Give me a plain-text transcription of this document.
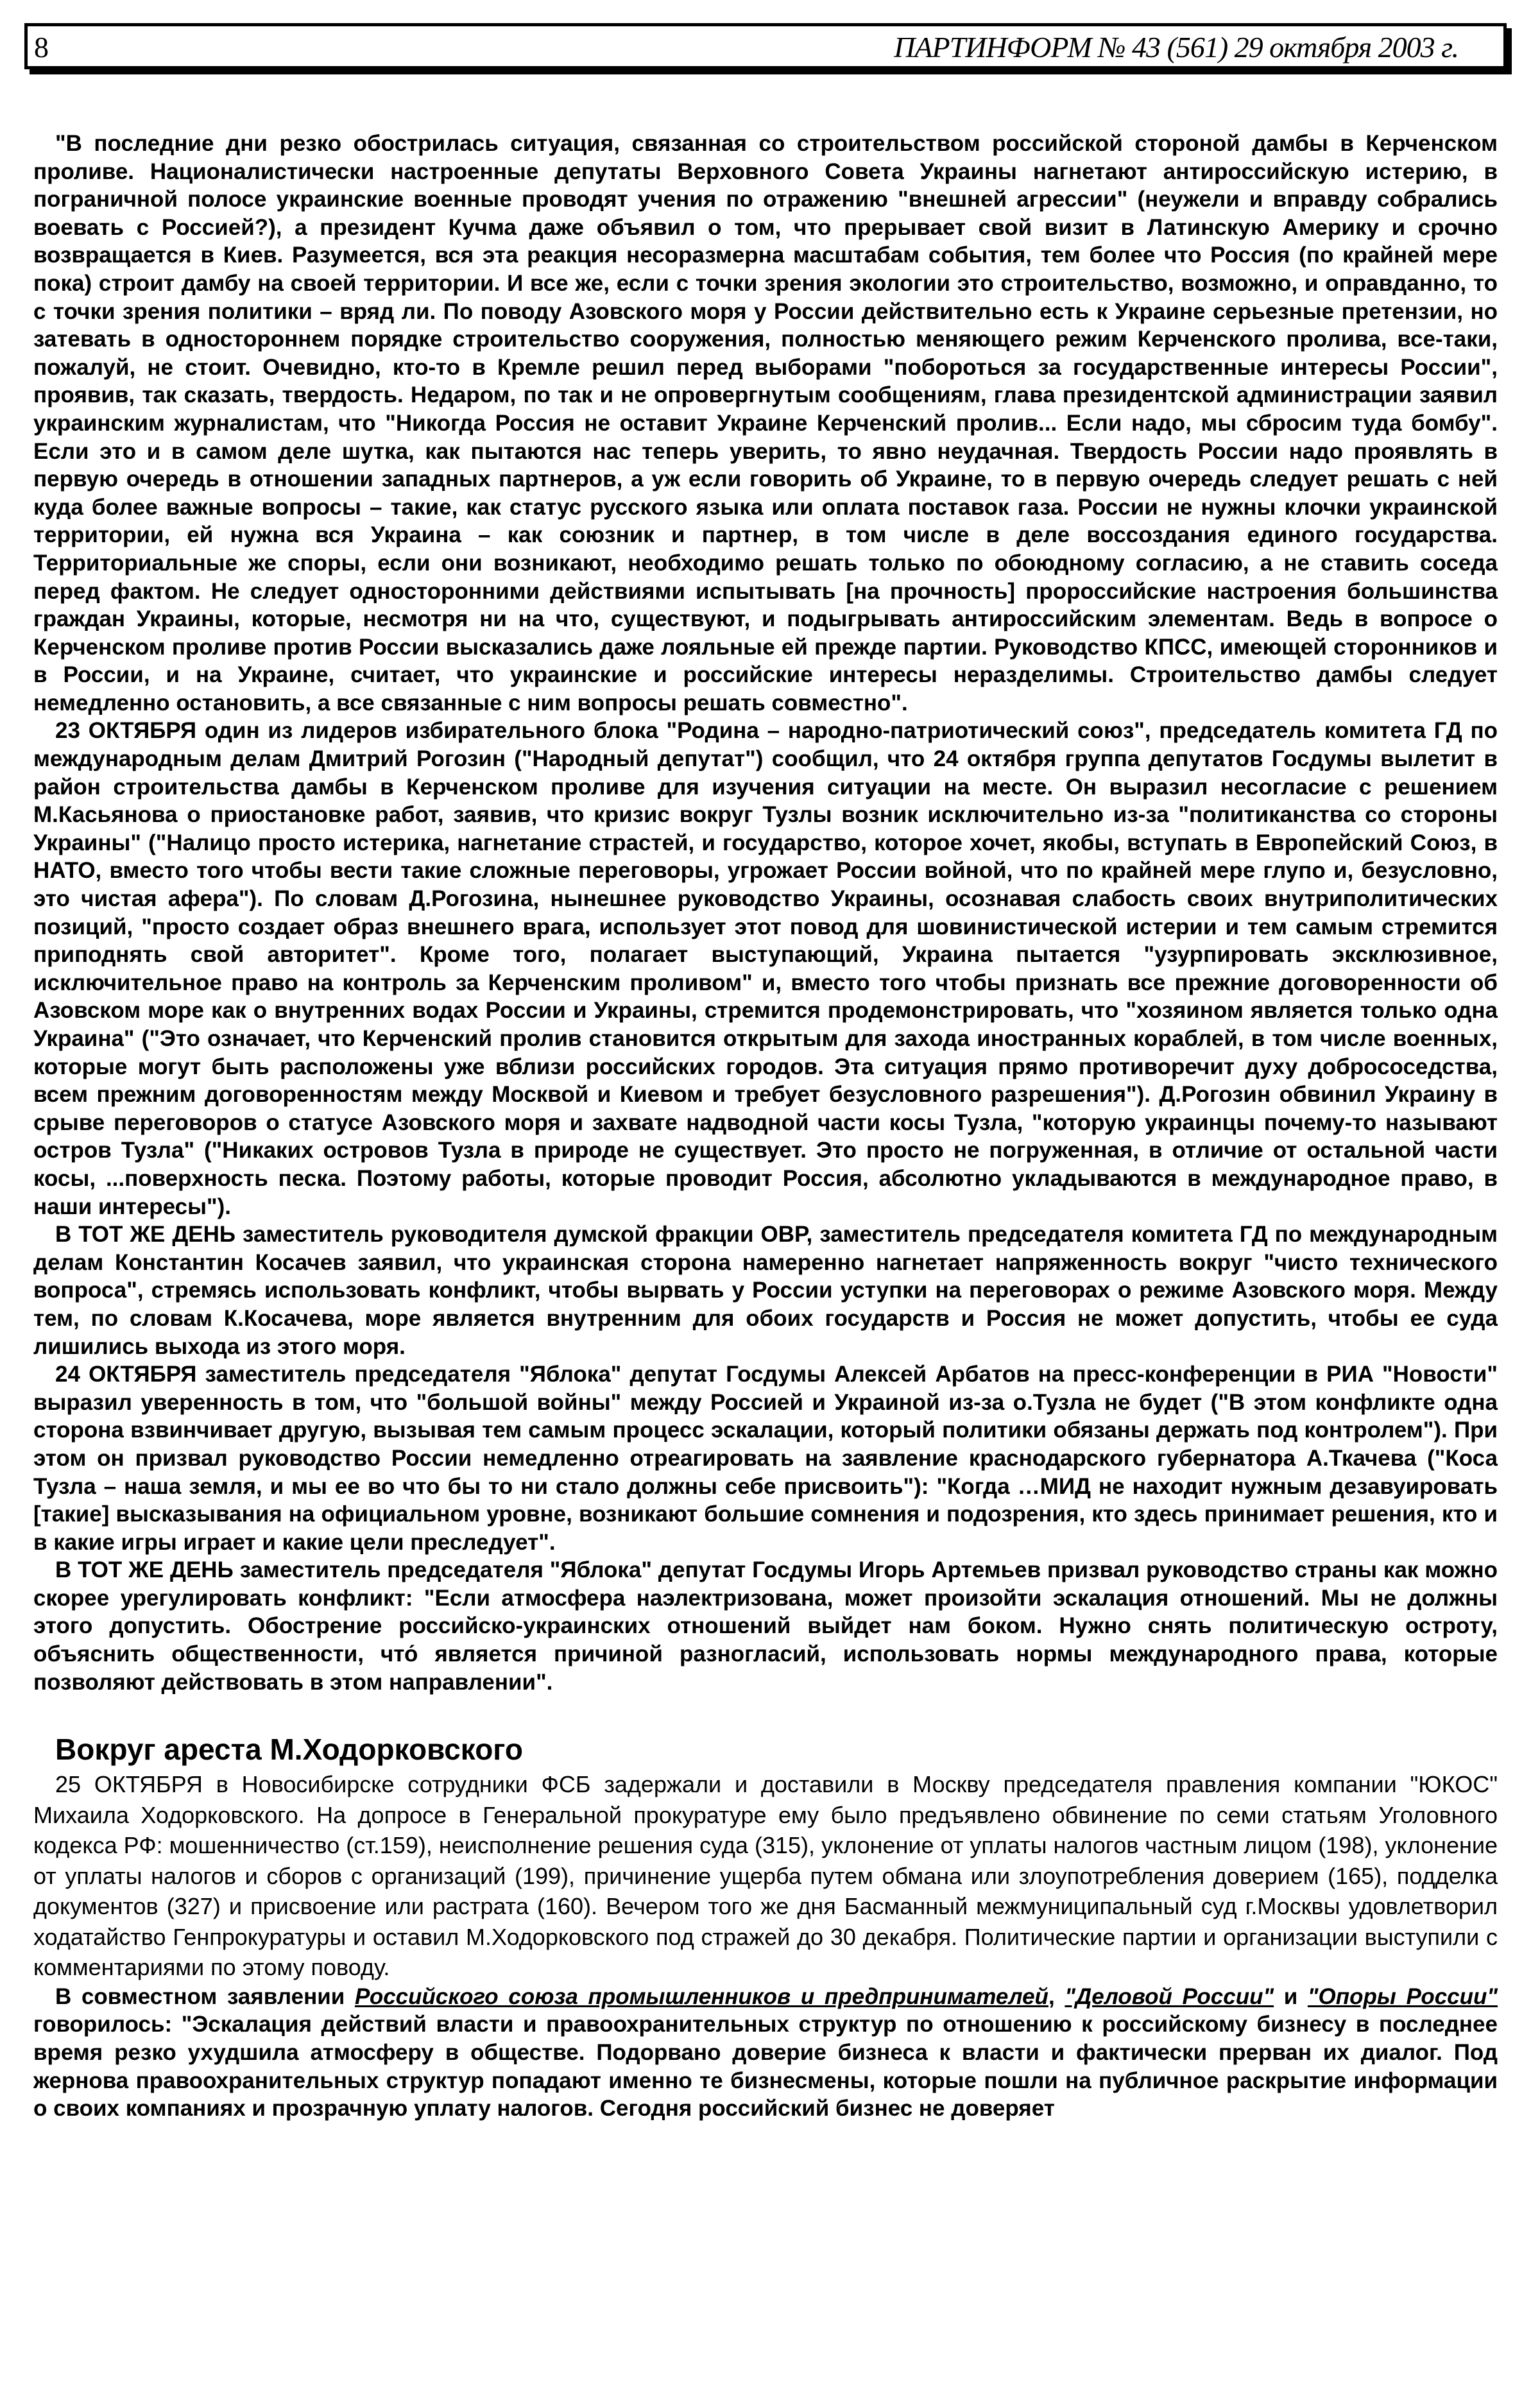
8	ПАРТИНФОРМ № 43 (561) 29 октября 2003 г.

"В последние дни резко обострилась ситуация, связанная со строительством российской стороной дамбы в Керченском проливе. Националистически настроенные депутаты Верховного Совета Украины нагнетают антироссийскую истерию, в пограничной полосе украинские военные проводят учения по отражению "внешней агрессии" (неужели и вправду собрались воевать с Россией?), а президент Кучма даже объявил о том, что прерывает свой визит в Латинскую Америку и срочно возвращается в Киев. Разумеется, вся эта реакция несоразмерна масштабам события, тем более что Россия (по крайней мере пока) строит дамбу на своей территории. И все же, если с точки зрения экологии это строительство, возможно, и оправданно, то с точки зрения политики – вряд ли. По поводу Азовского моря у России действительно есть к Украине серьезные претензии, но затевать в одностороннем порядке строительство сооружения, полностью меняющего режим Керченского пролива, все-таки, пожалуй, не стоит. Очевидно, кто-то в Кремле решил перед выборами "побороться за государственные интересы России", проявив, так сказать, твердость. Недаром, по так и не опровергнутым сообщениям, глава президентской администрации заявил украинским журналистам, что "Никогда Россия не оставит Украине Керченский пролив... Если надо, мы сбросим туда бомбу". Если это и в самом деле шутка, как пытаются нас теперь уверить, то явно неудачная. Твердость России надо проявлять в первую очередь в отношении западных партнеров, а уж если говорить об Украине, то в первую очередь следует решать с ней куда более важные вопросы – такие, как статус русского языка или оплата поставок газа. России не нужны клочки украинской территории, ей нужна вся Украина – как союзник и партнер, в том числе в деле воссоздания единого государства. Территориальные же споры, если они возникают, необходимо решать только по обоюдному согласию, а не ставить соседа перед фактом. Не следует односторонними действиями испытывать [на прочность] пророссийские настроения большинства граждан Украины, которые, несмотря ни на что, существуют, и подыгрывать антироссийским элементам. Ведь в вопросе о Керченском проливе против России высказались даже лояльные ей прежде партии. Руководство КПСС, имеющей сторонников и в России, и на Украине, считает, что украинские и российские интересы неразделимы. Строительство дамбы следует немедленно остановить, а все связанные с ним вопросы решать совместно".

23 ОКТЯБРЯ один из лидеров избирательного блока "Родина – народно-патриотический союз", председатель комитета ГД по международным делам Дмитрий Рогозин ("Народный депутат") сообщил, что 24 октября группа депутатов Госдумы вылетит в район строительства дамбы в Керченском проливе для изучения ситуации на месте. Он выразил несогласие с решением М.Касьянова о приостановке работ, заявив, что кризис вокруг Тузлы возник исключительно из-за "политиканства со стороны Украины" ("Налицо просто истерика, нагнетание страстей, и государство, которое хочет, якобы, вступать в Европейский Союз, в НАТО, вместо того чтобы вести такие сложные переговоры, угрожает России войной, что по крайней мере глупо и, безусловно, это чистая афера"). По словам Д.Рогозина, нынешнее руководство Украины, осознавая слабость своих внутриполитических позиций, "просто создает образ внешнего врага, использует этот повод для шовинистической истерии и тем самым стремится приподнять свой авторитет". Кроме того, полагает выступающий, Украина пытается "узурпировать эксклюзивное, исключительное право на контроль за Керченским проливом" и, вместо того чтобы признать все прежние договоренности об Азовском море как о внутренних водах России и Украины, стремится продемонстрировать, что "хозяином является только одна Украина" ("Это означает, что Керченский пролив становится открытым для захода иностранных кораблей, в том числе военных, которые могут быть расположены уже вблизи российских городов. Эта ситуация прямо противоречит духу добрососедства, всем прежним договоренностям между Москвой и Киевом и требует безусловного разрешения"). Д.Рогозин обвинил Украину в срыве переговоров о статусе Азовского моря и захвате надводной части косы Тузла, "которую украинцы почему-то называют остров Тузла" ("Никаких островов Тузла в природе не существует. Это просто не погруженная, в отличие от остальной части косы, ...поверхность песка. Поэтому работы, которые проводит Россия, абсолютно укладываются в международное право, в наши интересы").

В ТОТ ЖЕ ДЕНЬ заместитель руководителя думской фракции ОВР, заместитель председателя комитета ГД по международным делам Константин Косачев заявил, что украинская сторона намеренно нагнетает напряженность вокруг "чисто технического вопроса", стремясь использовать конфликт, чтобы вырвать у России уступки на переговорах о режиме Азовского моря. Между тем, по словам К.Косачева, море является внутренним для обоих государств и Россия не может допустить, чтобы ее суда лишились выхода из этого моря.

24 ОКТЯБРЯ заместитель председателя "Яблока" депутат Госдумы Алексей Арбатов на пресс-конференции в РИА "Новости" выразил уверенность в том, что "большой войны" между Россией и Украиной из-за о.Тузла не будет ("В этом конфликте одна сторона взвинчивает другую, вызывая тем самым процесс эскалации, который политики обязаны держать под контролем"). При этом он призвал руководство России немедленно отреагировать на заявление краснодарского губернатора А.Ткачева ("Коса Тузла – наша земля, и мы ее во что бы то ни стало должны себе присвоить"): "Когда …МИД не находит нужным дезавуировать [такие] высказывания на официальном уровне, возникают большие сомнения и подозрения, кто здесь принимает решения, кто и в какие игры играет и какие цели преследует".

В ТОТ ЖЕ ДЕНЬ заместитель председателя "Яблока" депутат Госдумы Игорь Артемьев призвал руководство страны как можно скорее урегулировать конфликт: "Если атмосфера наэлектризована, может произойти эскалация отношений. Мы не должны этого допустить. Обострение российско-украинских отношений выйдет нам боком. Нужно снять политическую остроту, объяснить общественности, что́ является причиной разногласий, использовать нормы международного права, которые позволяют действовать в этом направлении".

Вокруг ареста М.Ходорковского

25 ОКТЯБРЯ в Новосибирске сотрудники ФСБ задержали и доставили в Москву председателя правления компании "ЮКОС" Михаила Ходорковского. На допросе в Генеральной прокуратуре ему было предъявлено обвинение по семи статьям Уголовного кодекса РФ: мошенничество (ст.159), неисполнение решения суда (315), уклонение от уплаты налогов частным лицом (198), уклонение от уплаты налогов и сборов с организаций (199), причинение ущерба путем обмана или злоупотребления доверием (165), подделка документов (327) и присвоение или растрата (160). Вечером того же дня Басманный межмуниципальный суд г.Москвы удовлетворил ходатайство Генпрокуратуры и оставил М.Ходорковского под стражей до 30 декабря. Политические партии и организации выступили с комментариями по этому поводу.

В совместном заявлении Российского союза промышленников и предпринимателей, "Деловой России" и "Опоры России" говорилось: "Эскалация действий власти и правоохранительных структур по отношению к российскому бизнесу в последнее время резко ухудшила атмосферу в обществе. Подорвано доверие бизнеса к власти и фактически прерван их диалог. Под жернова правоохранительных структур попадают именно те бизнесмены, которые пошли на публичное раскрытие информации о своих компаниях и прозрачную уплату налогов. Сегодня российский бизнес не доверяет
